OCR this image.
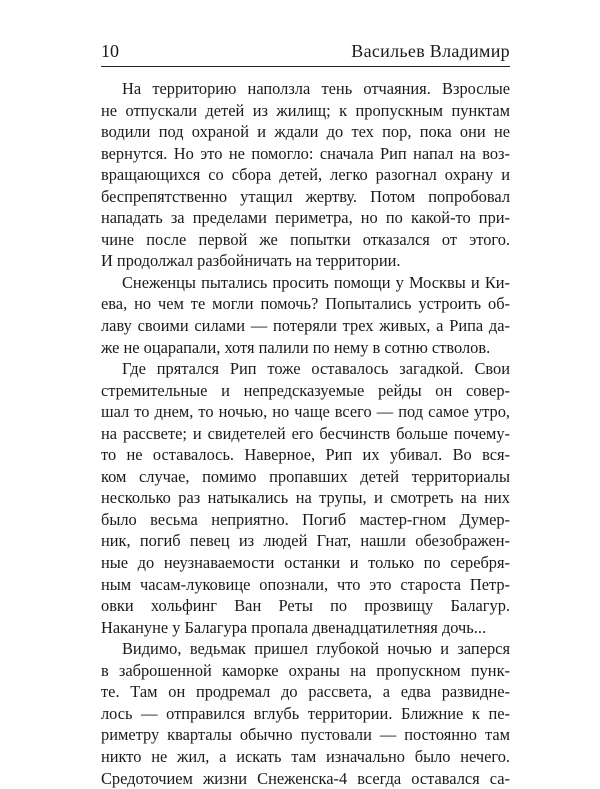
10	Васильев Владимир
На территорию наползла тень отчаяния. Взрослые
не отпускали детей из жилищ; к пропускным пунктам
водили под охраной и ждали до тех пор, пока они не
вернутся. Но это не помогло: сначала Рип напал на воз-
вращающихся со сбора детей, легко разогнал охрану и
беспрепятственно утащил жертву. Потом попробовал
нападать за пределами периметра, но по какой-то при-
чине после первой же попытки отказался от этого.
И продолжал разбойничать на территории.
Снеженцы пытались просить помощи у Москвы и Ки-
ева, но чем те могли помочь? Попытались устроить об-
лаву своими силами — потеряли трех живых, а Рипа да-
же не оцарапали, хотя палили по нему в сотню стволов.
Где прятался Рип тоже оставалось загадкой. Свои
стремительные и непредсказуемые рейды он совер-
шал то днем, то ночью, но чаще всего — под самое утро,
на рассвете; и свидетелей его бесчинств больше почему-
то не оставалось. Наверное, Рип их убивал. Во вся-
ком случае, помимо пропавших детей территориалы
несколько раз натыкались на трупы, и смотреть на них
было весьма неприятно. Погиб мастер-гном Думер-
ник, погиб певец из людей Гнат, нашли обезображен-
ные до неузнаваемости останки и только по серебря-
ным часам-луковице опознали, что это староста Петр-
овки хольфинг Ван Реты по прозвищу Балагур.
Накануне у Балагура пропала двенадцатилетняя дочь...
Видимо, ведьмак пришел глубокой ночью и заперся
в заброшенной каморке охраны на пропускном пунк-
те. Там он продремал до рассвета, а едва развидне-
лось — отправился вглубь территории. Ближние к пе-
риметру кварталы обычно пустовали — постоянно там
никто не жил, а искать там изначально было нечего.
Средоточием жизни Снеженска-4 всегда оставался са-
